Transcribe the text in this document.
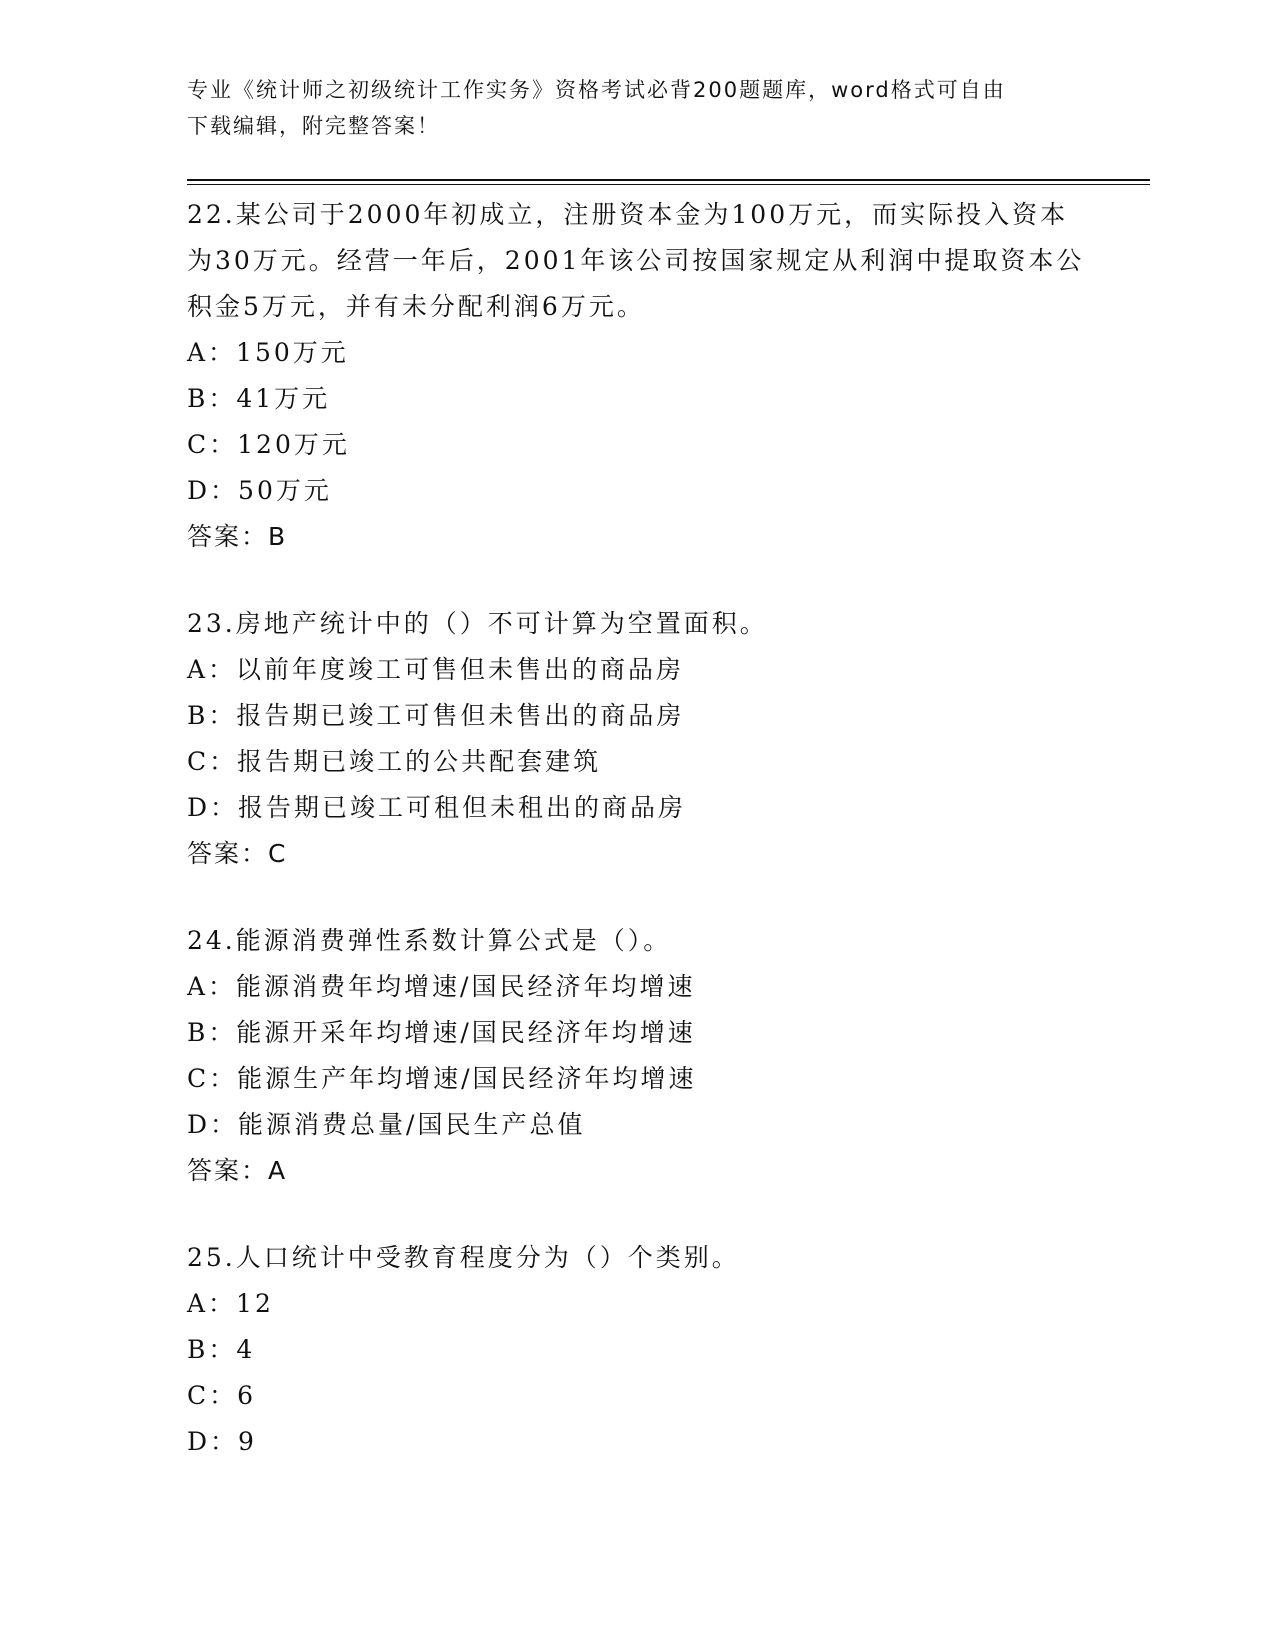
专业《统计师之初级统计工作实务》资格考试必背200题题库，word格式可自由
下载编辑，附完整答案！

22.某公司于2000年初成立，注册资本金为100万元，而实际投入资本为30万元。经营一年后，2001年该公司按国家规定从利润中提取资本公积金5万元，并有未分配利润6万元。

A：150万元

B：41万元

C：120万元

D：50万元

答案：B

23.房地产统计中的（）不可计算为空置面积。

A：以前年度竣工可售但未售出的商品房

B：报告期已竣工可售但未售出的商品房

C：报告期已竣工的公共配套建筑

D：报告期已竣工可租但未租出的商品房

答案：C

24.能源消费弹性系数计算公式是（）。

A：能源消费年均增速/国民经济年均增速

B：能源开采年均增速/国民经济年均增速

C：能源生产年均增速/国民经济年均增速

D：能源消费总量/国民生产总值

答案：A

25.人口统计中受教育程度分为（）个类别。

A：12

B：4

C：6

D：9
